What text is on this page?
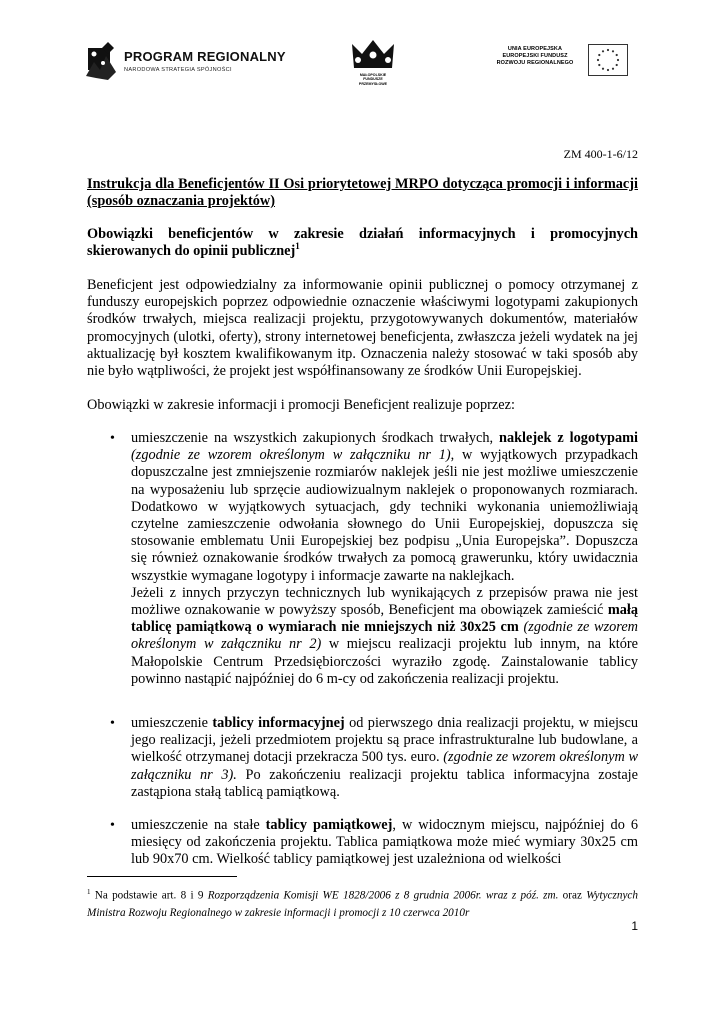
PROGRAM REGIONALNY
NARODOWA STRATEGIA SPÓJNOŚCI
MAŁOPOLSKIE FUNDUSZE PRZEMYSŁOWE
UNIA EUROPEJSKA
EUROPEJSKI FUNDUSZ
ROZWOJU REGIONALNEGO
ZM 400-1-6/12
Instrukcja dla Beneficjentów II Osi priorytetowej MRPO dotycząca promocji i informacji (sposób oznaczania projektów)
Obowiązki beneficjentów w zakresie działań informacyjnych i promocyjnych skierowanych do opinii publicznej$^1$
Beneficjent jest odpowiedzialny za informowanie opinii publicznej o pomocy otrzymanej z funduszy europejskich poprzez odpowiednie oznaczenie właściwymi logotypami zakupionych środków trwałych, miejsca realizacji projektu, przygotowywanych dokumentów, materiałów promocyjnych (ulotki, oferty), strony internetowej beneficjenta, zwłaszcza jeżeli wydatek na jej aktualizację był kosztem kwalifikowanym itp. Oznaczenia należy stosować w taki sposób aby nie było wątpliwości, że projekt jest współfinansowany ze środków Unii Europejskiej.
Obowiązki w zakresie informacji i promocji Beneficjent realizuje poprzez:
• umieszczenie na wszystkich zakupionych środkach trwałych, naklejek z logotypami (zgodnie ze wzorem określonym w załączniku nr 1), w wyjątkowych przypadkach dopuszczalne jest zmniejszenie rozmiarów naklejek jeśli nie jest możliwe umieszczenie na wyposażeniu lub sprzęcie audiowizualnym naklejek o proponowanych rozmiarach. Dodatkowo w wyjątkowych sytuacjach, gdy techniki wykonania uniemożliwiają czytelne zamieszczenie odwołania słownego do Unii Europejskiej, dopuszcza się stosowanie emblematu Unii Europejskiej bez podpisu „Unia Europejska”. Dopuszcza się również oznakowanie środków trwałych za pomocą grawerunku, który uwidacznia wszystkie wymagane logotypy i informacje zawarte na naklejkach.
Jeżeli z innych przyczyn technicznych lub wynikających z przepisów prawa nie jest możliwe oznakowanie w powyższy sposób, Beneficjent ma obowiązek zamieścić małą tablicę pamiątkową o wymiarach nie mniejszych niż 30x25 cm (zgodnie ze wzorem określonym w załączniku nr 2) w miejscu realizacji projektu lub innym, na które Małopolskie Centrum Przedsiębiorczości wyraziło zgodę. Zainstalowanie tablicy powinno nastąpić najpóźniej do 6 m-cy od zakończenia realizacji projektu.
• umieszczenie tablicy informacyjnej od pierwszego dnia realizacji projektu, w miejscu jego realizacji, jeżeli przedmiotem projektu są prace infrastrukturalne lub budowlane, a wielkość otrzymanej dotacji przekracza 500 tys. euro. (zgodnie ze wzorem określonym w załączniku nr 3). Po zakończeniu realizacji projektu tablica informacyjna zostaje zastąpiona stałą tablicą pamiątkową.
• umieszczenie na stałe tablicy pamiątkowej, w widocznym miejscu, najpóźniej do 6 miesięcy od zakończenia projektu. Tablica pamiątkowa może mieć wymiary 30x25 cm lub 90x70 cm. Wielkość tablicy pamiątkowej jest uzależniona od wielkości
$^1$ Na podstawie art. 8 i 9 Rozporządzenia Komisji WE 1828/2006 z 8 grudnia 2006r. wraz z póź. zm. oraz Wytycznych Ministra Rozwoju Regionalnego w zakresie informacji i promocji z 10 czerwca 2010r
1
